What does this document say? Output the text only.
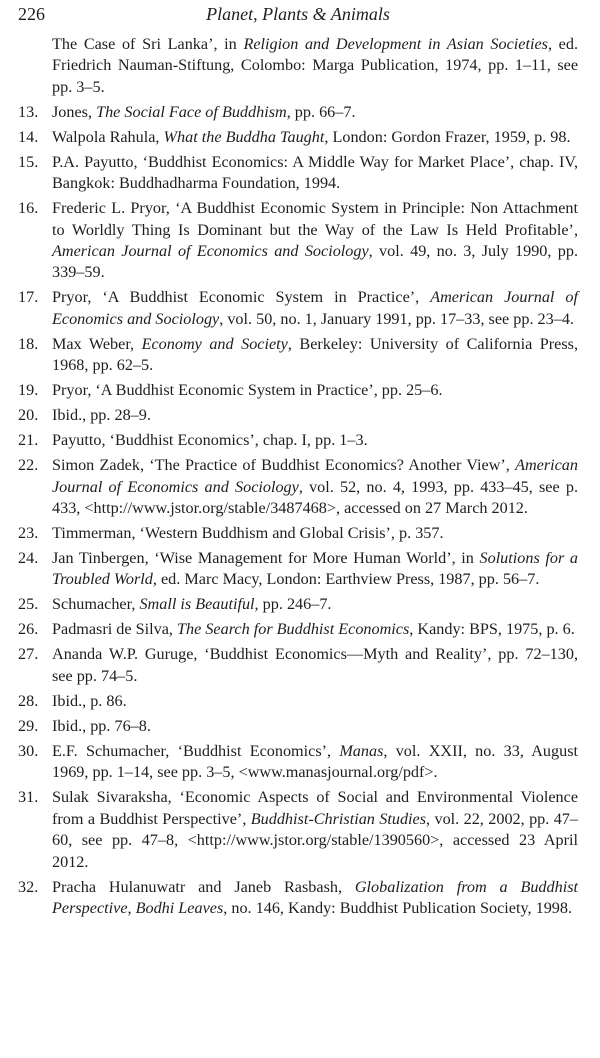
226	Planet, Plants & Animals
The Case of Sri Lanka’, in Religion and Development in Asian Societies, ed. Friedrich Nauman-Stiftung, Colombo: Marga Publication, 1974, pp. 1–11, see pp. 3–5.
13. Jones, The Social Face of Buddhism, pp. 66–7.
14. Walpola Rahula, What the Buddha Taught, London: Gordon Frazer, 1959, p. 98.
15. P.A. Payutto, ‘Buddhist Economics: A Middle Way for Market Place’, chap. IV, Bangkok: Buddhadharma Foundation, 1994.
16. Frederic L. Pryor, ‘A Buddhist Economic System in Principle: Non Attachment to Worldly Thing Is Dominant but the Way of the Law Is Held Profitable’, American Journal of Economics and Sociology, vol. 49, no. 3, July 1990, pp. 339–59.
17. Pryor, ‘A Buddhist Economic System in Practice’, American Journal of Economics and Sociology, vol. 50, no. 1, January 1991, pp. 17–33, see pp. 23–4.
18. Max Weber, Economy and Society, Berkeley: University of California Press, 1968, pp. 62–5.
19. Pryor, ‘A Buddhist Economic System in Practice’, pp. 25–6.
20. Ibid., pp. 28–9.
21. Payutto, ‘Buddhist Economics’, chap. I, pp. 1–3.
22. Simon Zadek, ‘The Practice of Buddhist Economics? Another View’, American Journal of Economics and Sociology, vol. 52, no. 4, 1993, pp. 433–45, see p. 433, <http://www.jstor.org/stable/3487468>, accessed on 27 March 2012.
23. Timmerman, ‘Western Buddhism and Global Crisis’, p. 357.
24. Jan Tinbergen, ‘Wise Management for More Human World’, in Solutions for a Troubled World, ed. Marc Macy, London: Earthview Press, 1987, pp. 56–7.
25. Schumacher, Small is Beautiful, pp. 246–7.
26. Padmasri de Silva, The Search for Buddhist Economics, Kandy: BPS, 1975, p. 6.
27. Ananda W.P. Guruge, ‘Buddhist Economics—Myth and Reality’, pp. 72–130, see pp. 74–5.
28. Ibid., p. 86.
29. Ibid., pp. 76–8.
30. E.F. Schumacher, ‘Buddhist Economics’, Manas, vol. XXII, no. 33, August 1969, pp. 1–14, see pp. 3–5, <www.manasjournal.org/pdf>.
31. Sulak Sivaraksha, ‘Economic Aspects of Social and Environmental Violence from a Buddhist Perspective’, Buddhist-Christian Studies, vol. 22, 2002, pp. 47–60, see pp. 47–8, <http://www.jstor.org/stable/1390560>, accessed 23 April 2012.
32. Pracha Hulanuwatr and Janeb Rasbash, Globalization from a Buddhist Perspective, Bodhi Leaves, no. 146, Kandy: Buddhist Publication Society, 1998.
